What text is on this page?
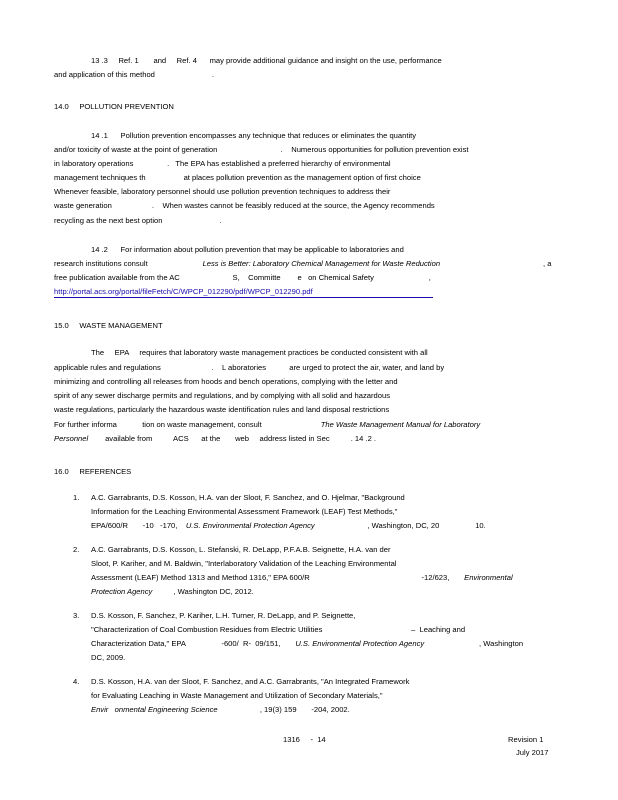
13 .3     Ref. 1       and     Ref. 4      may provide additional guidance and insight on the use, performance
and application of this method                           .
14.0     POLLUTION PREVENTION
14 .1      Pollution prevention encompasses any technique that reduces or eliminates the quantity
and/or toxicity of waste at the point of generation                              .    Numerous opportunities for pollution prevention exist
in laboratory operations                .   The EPA has established a preferred hierarchy of environmental
management techniques th                  at places pollution prevention as the management option of first choice
Whenever feasible, laboratory personnel should use pollution prevention techniques to address their
waste generation                   .    When wastes cannot be feasibly reduced at the source, the Agency recommends
recycling as the next best option                           .
14 .2      For information about pollution prevention that may be applicable to laboratories and
research institutions consult                          Less is Better: Laboratory Chemical Management for Waste Reduction	, a
free publication available from the AC                         S,    Committe        e   on Chemical Safety                          ,
http://portal.acs.org/portal/fileFetch/C/WPCP_012290/pdf/WPCP_012290.pdf
15.0     WASTE MANAGEMENT
The     EPA     requires that laboratory waste management practices be conducted consistent with all
applicable rules and regulations                        .    L aboratories           are urged to protect the air, water, and land by
minimizing and controlling all releases from hoods and bench operations, complying with the letter and
spirit of any sewer discharge permits and regulations, and by complying with all solid and hazardous
waste regulations, particularly the hazardous waste identification rules and land disposal restrictions
For further informa            tion on waste management, consult                            The Waste Management Manual for Laboratory
Personnel        available from          ACS      at the       web     address listed in Sec          . 14 .2 .
16.0     REFERENCES
1. A.C. Garrabrants, D.S. Kosson, H.A. van der Sloot, F. Sanchez, and O. Hjelmar, "Background
Information for the Leaching Environmental Assessment Framework (LEAF) Test Methods,"
EPA/600/R       -10   -170,    U.S. Environmental Protection Agency                         , Washington, DC, 20                 10.
2. A.C. Garrabrants, D.S. Kosson, L. Stefanski, R. DeLapp, P.F.A.B. Seignette, H.A. van der
Sloot, P. Kariher, and M. Baldwin, "Interlaboratory Validation of the Leaching Environmental
Assessment (LEAF) Method 1313 and Method 1316," EPA 600/R                                                     -12/623,       Environmental
Protection Agency          , Washington DC, 2012.
3. D.S. Kosson, F. Sanchez, P. Kariher, L.H. Turner, R. DeLapp, and P. Seignette,
"Characterization of Coal Combustion Residues from Electric Utilities                                          –  Leaching and
Characterization Data," EPA                 -600/  R-  09/151,       U.S. Environmental Protection Agency                          , Washington
DC, 2009.
4. D.S. Kosson, H.A. van der Sloot, F. Sanchez, and A.C. Garrabrants, "An Integrated Framework
for Evaluating Leaching in Waste Management and Utilization of Secondary Materials,"
Envir   onmental Engineering Science                    , 19(3) 159       -204, 2002.
1316     -  14	Revision 1
July 2017
